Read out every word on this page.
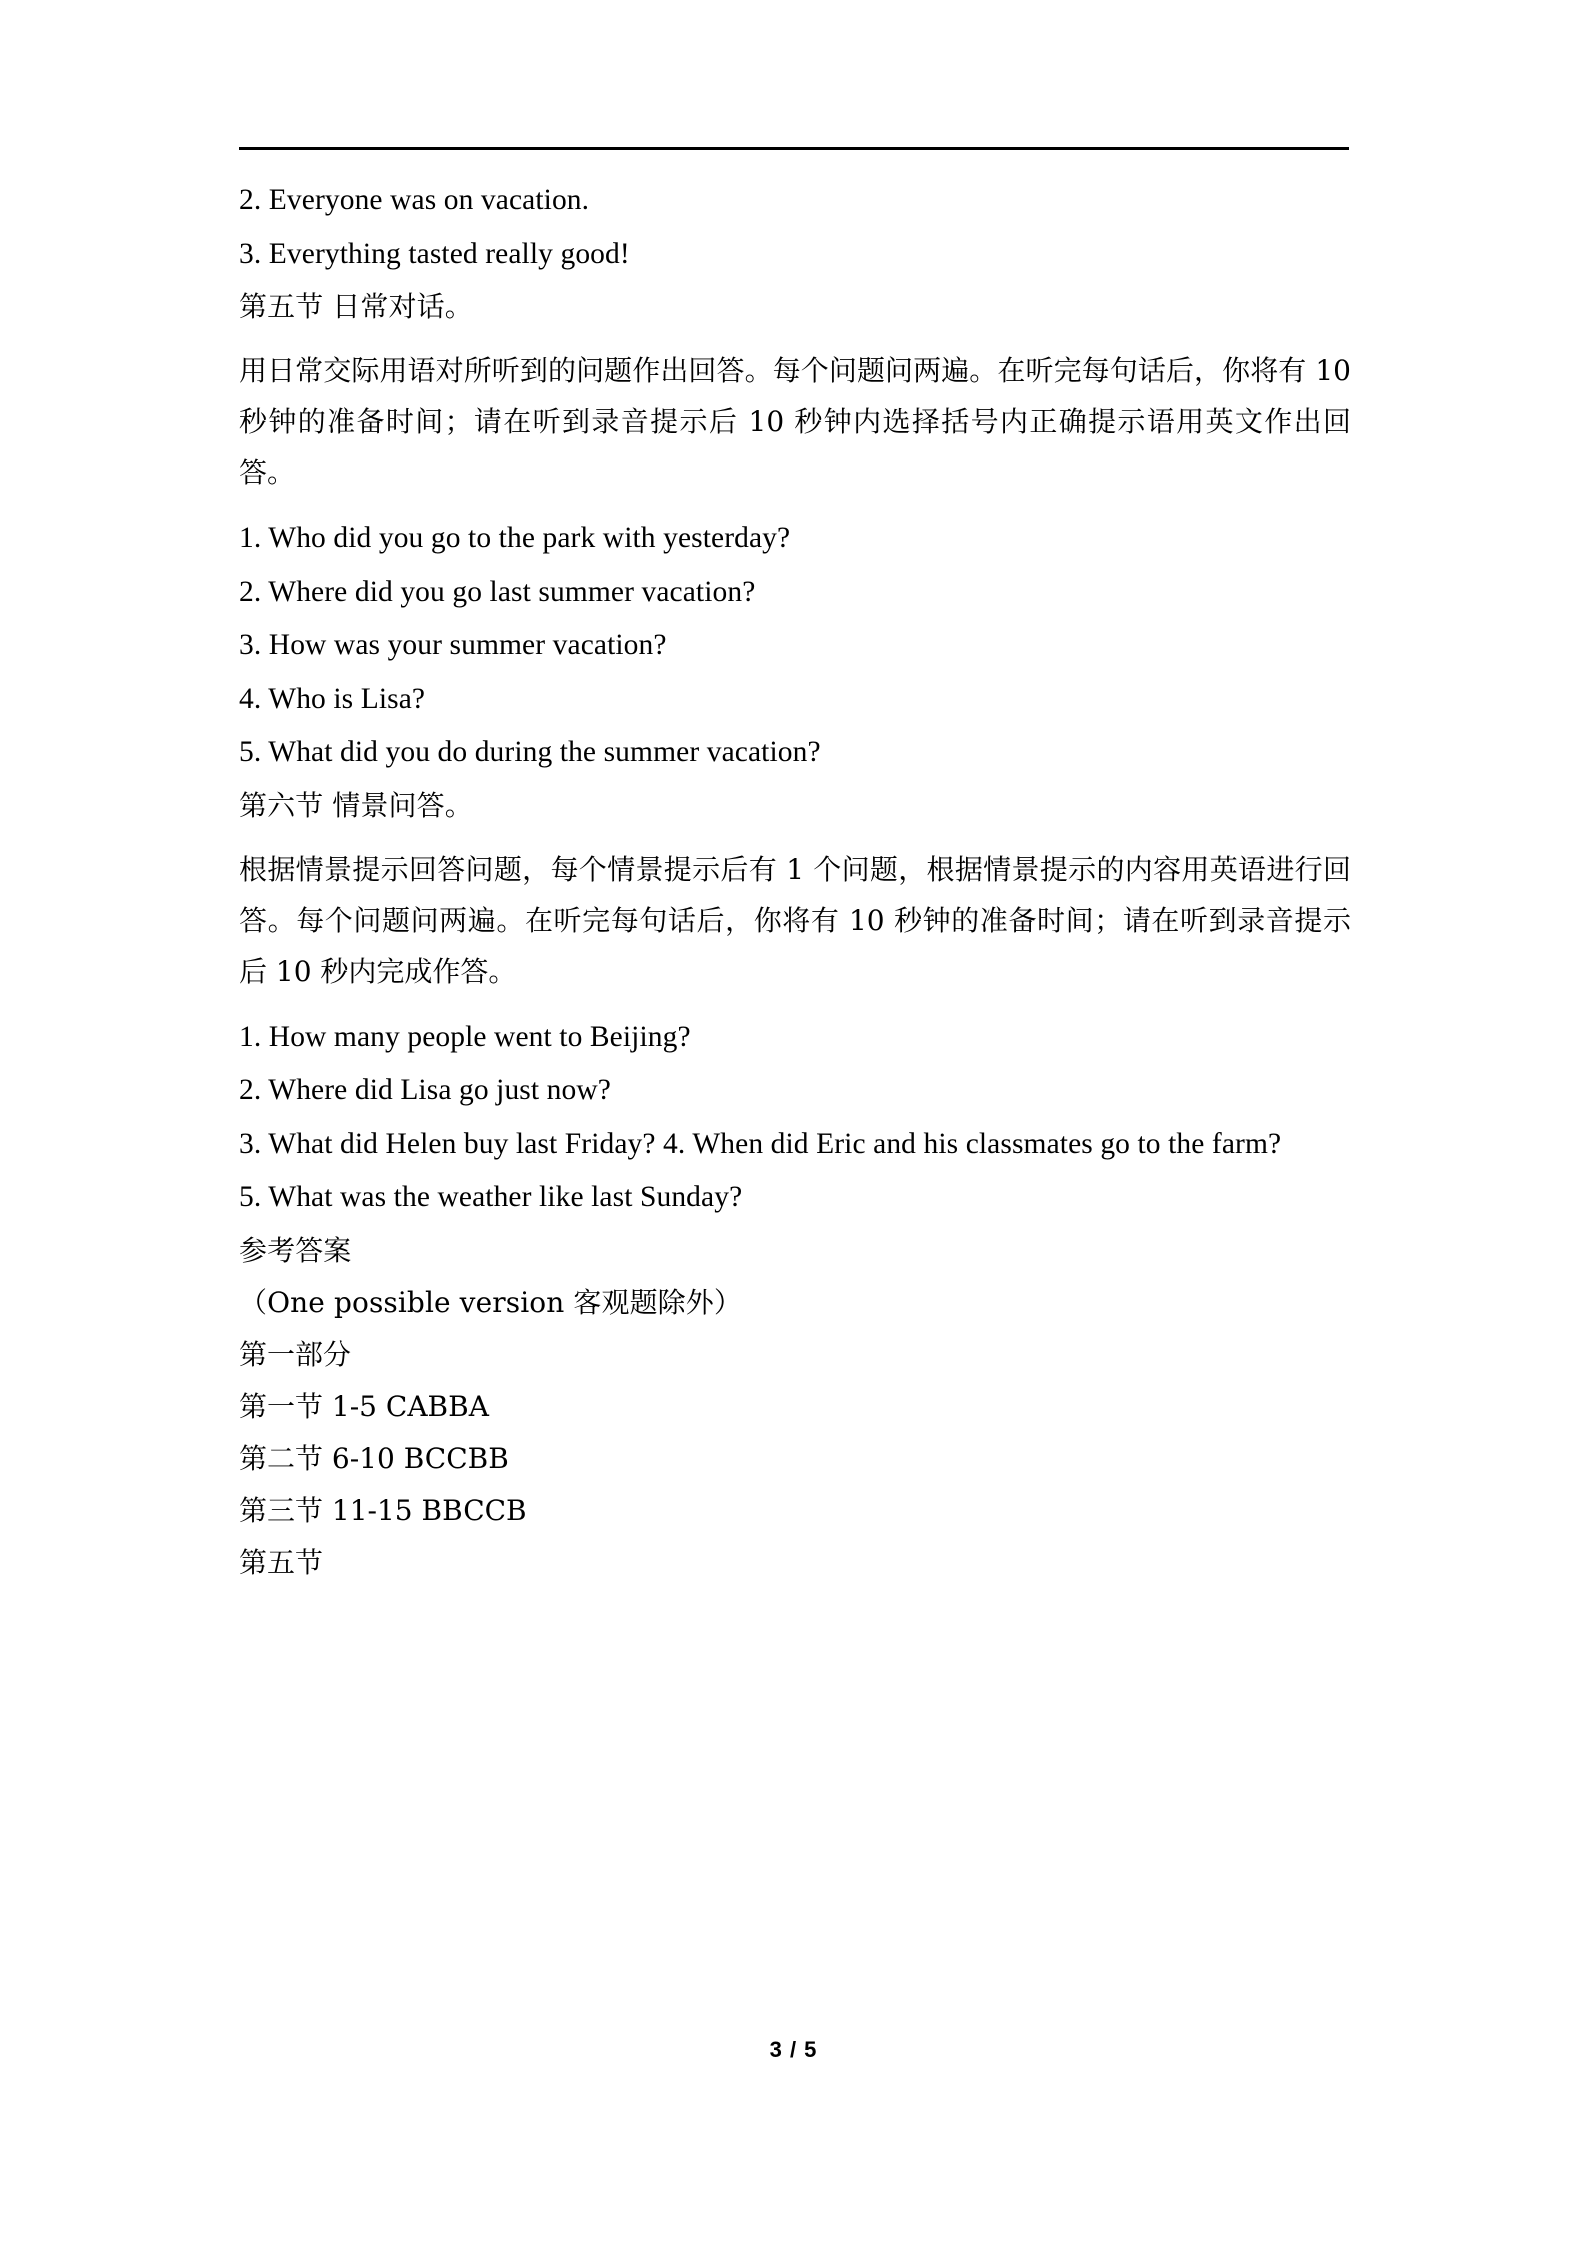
2. Everyone was on vacation.

3. Everything tasted really good!

第五节 日常对话。

用日常交际用语对所听到的问题作出回答。每个问题问两遍。在听完每句话后，你将有 10 秒钟的准备时间；请在听到录音提示后 10 秒钟内选择括号内正确提示语用英文作出回答。

1. Who did you go to the park with yesterday?

2. Where did you go last summer vacation?

3. How was your summer vacation?

4. Who is Lisa?

5. What did you do during the summer vacation?

第六节 情景问答。

根据情景提示回答问题，每个情景提示后有 1 个问题，根据情景提示的内容用英语进行回答。每个问题问两遍。在听完每句话后，你将有 10 秒钟的准备时间；请在听到录音提示后 10 秒内完成作答。

1. How many people went to Beijing?

2. Where did Lisa go just now?

3. What did Helen buy last Friday? 4. When did Eric and his classmates go to the farm?

5. What was the weather like last Sunday?

参考答案

（One possible version 客观题除外）

第一部分

第一节 1-5 CABBA

第二节 6-10 BCCBB

第三节 11-15 BBCCB

第五节

3 / 5
